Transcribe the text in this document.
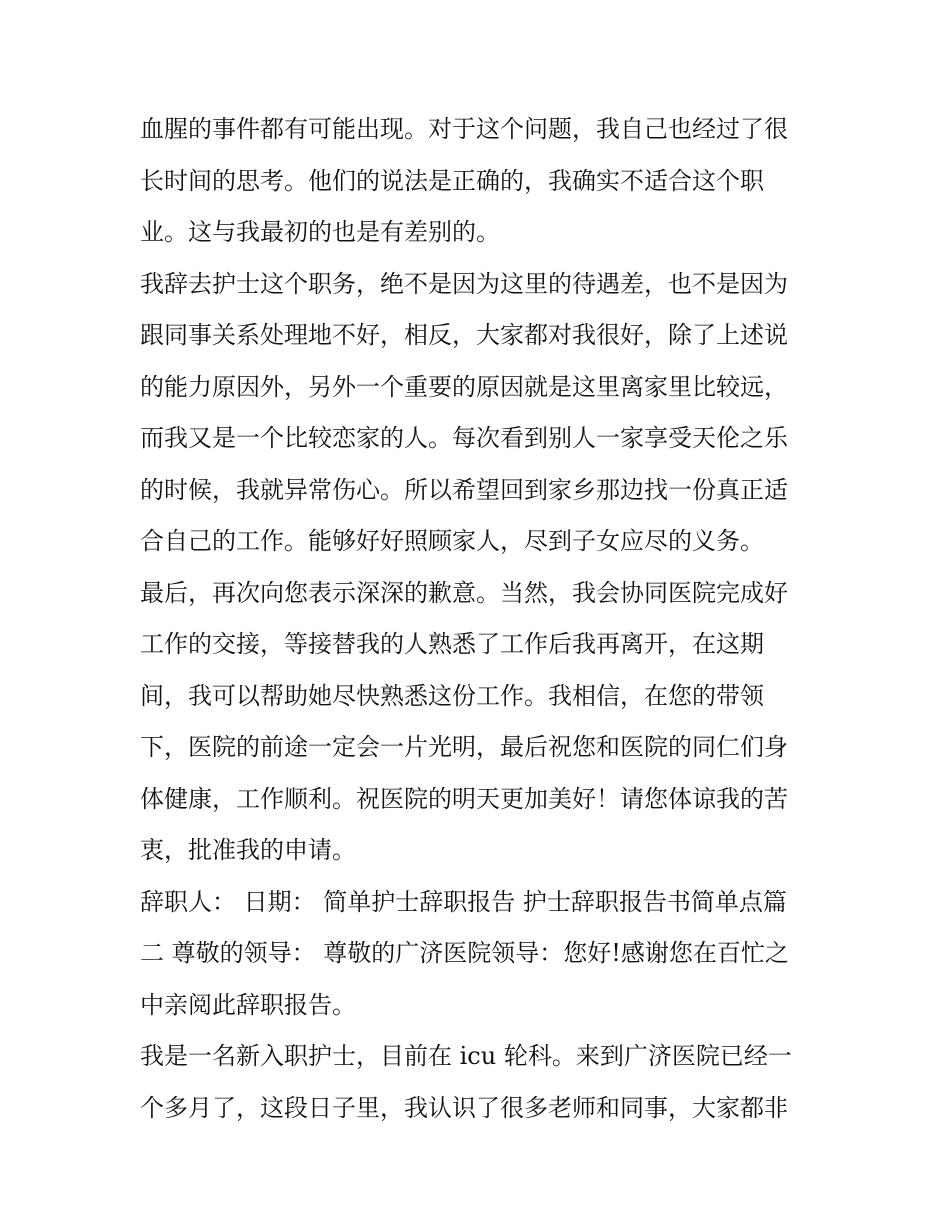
血腥的事件都有可能出现。对于这个问题，我自己也经过了很
长时间的思考。他们的说法是正确的，我确实不适合这个职
业。这与我最初的也是有差别的。
我辞去护士这个职务，绝不是因为这里的待遇差，也不是因为
跟同事关系处理地不好，相反，大家都对我很好，除了上述说
的能力原因外，另外一个重要的原因就是这里离家里比较远，
而我又是一个比较恋家的人。每次看到别人一家享受天伦之乐
的时候，我就异常伤心。所以希望回到家乡那边找一份真正适
合自己的工作。能够好好照顾家人，尽到子女应尽的义务。
最后，再次向您表示深深的歉意。当然，我会协同医院完成好
工作的交接，等接替我的人熟悉了工作后我再离开，在这期
间，我可以帮助她尽快熟悉这份工作。我相信，在您的带领
下，医院的前途一定会一片光明，最后祝您和医院的同仁们身
体健康，工作顺利。祝医院的明天更加美好！请您体谅我的苦
衷，批准我的申请。
辞职人： 日期： 简单护士辞职报告 护士辞职报告书简单点篇
二 尊敬的领导： 尊敬的广济医院领导：您好!感谢您在百忙之
中亲阅此辞职报告。
我是一名新入职护士，目前在 icu 轮科。来到广济医院已经一
个多月了，这段日子里，我认识了很多老师和同事，大家都非
